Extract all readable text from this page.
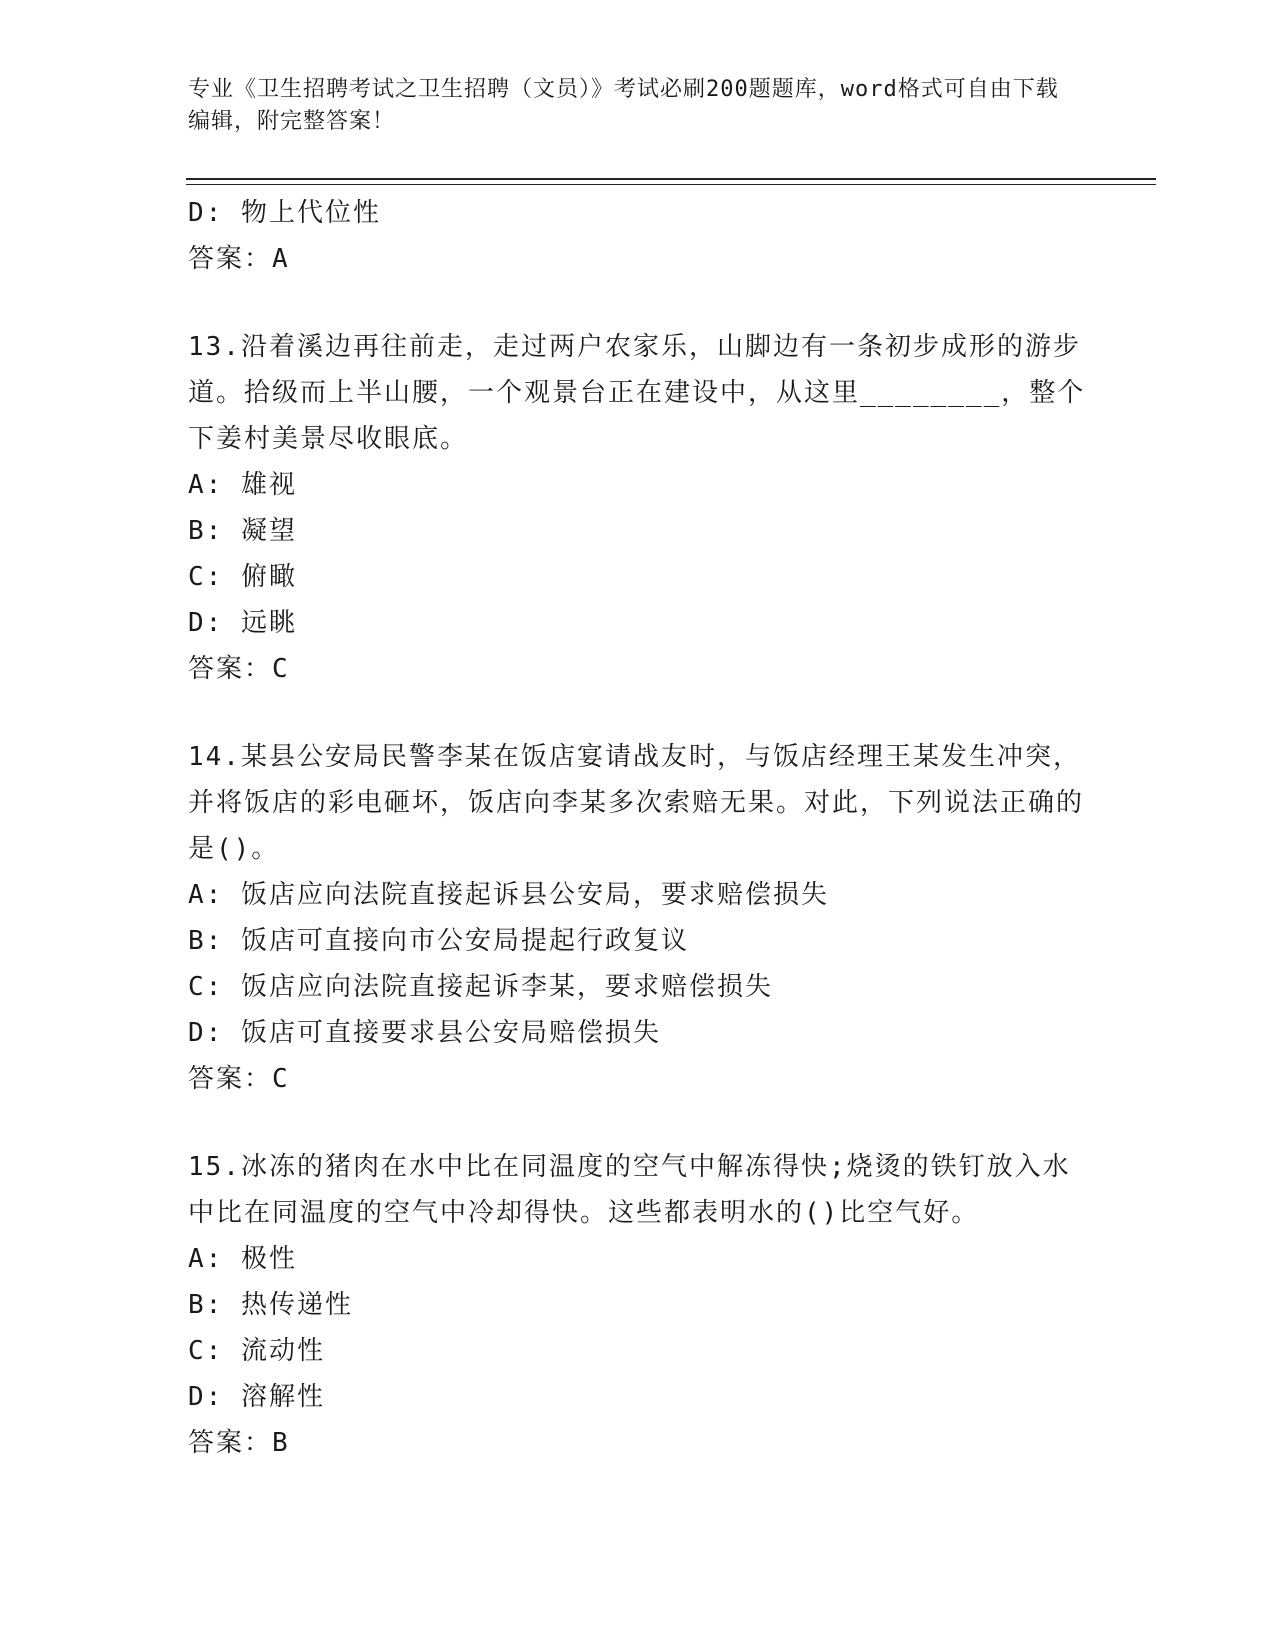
专业《卫生招聘考试之卫生招聘（文员）》考试必刷200题题库，word格式可自由下载编辑，附完整答案！
D: 物上代位性
答案：A
13.沿着溪边再往前走，走过两户农家乐，山脚边有一条初步成形的游步道。拾级而上半山腰，一个观景台正在建设中，从这里________，整个下姜村美景尽收眼底。
A: 雄视
B: 凝望
C: 俯瞰
D: 远眺
答案：C
14.某县公安局民警李某在饭店宴请战友时，与饭店经理王某发生冲突，并将饭店的彩电砸坏，饭店向李某多次索赔无果。对此，下列说法正确的是()。
A: 饭店应向法院直接起诉县公安局，要求赔偿损失
B: 饭店可直接向市公安局提起行政复议
C: 饭店应向法院直接起诉李某，要求赔偿损失
D: 饭店可直接要求县公安局赔偿损失
答案：C
15.冰冻的猪肉在水中比在同温度的空气中解冻得快;烧烫的铁钉放入水中比在同温度的空气中冷却得快。这些都表明水的()比空气好。
A: 极性
B: 热传递性
C: 流动性
D: 溶解性
答案：B
